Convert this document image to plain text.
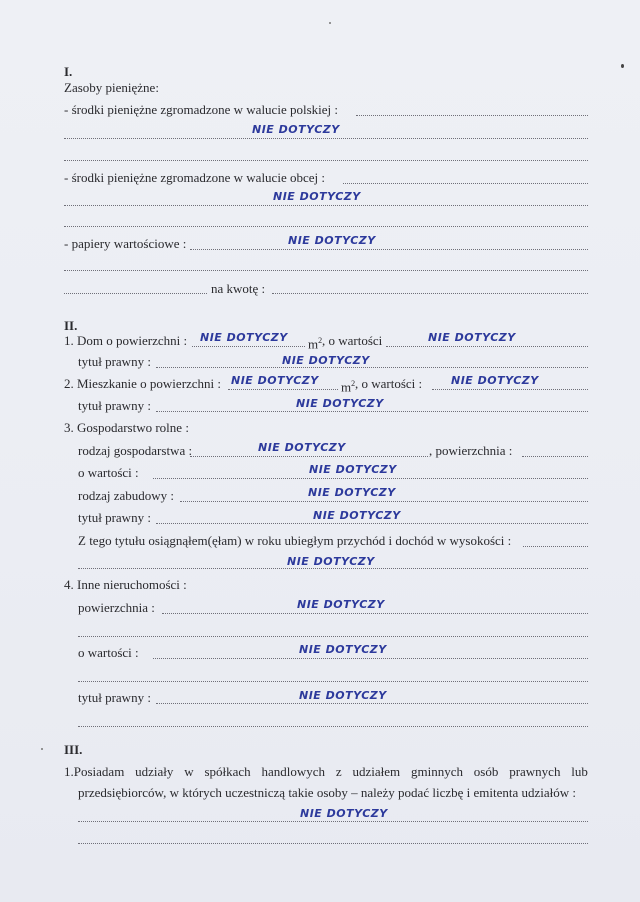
I.
Zasoby pieniężne:
- środki pieniężne zgromadzone w walucie polskiej :
NIE DOTYCZY
- środki pieniężne zgromadzone w walucie obcej :
NIE DOTYCZY
- papiery wartościowe :	NIE DOTYCZY
na kwotę :
II.
1. Dom o powierzchni : NIE DOTYCZY $m^2$ , o wartości	NIE DOTYCZY
tytuł prawny :	NIE DOTYCZY
2. Mieszkanie o powierzchni : NIE DOTYCZY $m^2$ , o wartości :	NIE DOTYCZY
tytuł prawny :	NIE DOTYCZY
3. Gospodarstwo rolne :
rodzaj gospodarstwa :	NIE DOTYCZY	, powierzchnia :
o wartości :	NIE DOTYCZY
rodzaj zabudowy :	NIE DOTYCZY
tytuł prawny :	NIE DOTYCZY
Z tego tytułu osiągnąłem(ęłam) w roku ubiegłym przychód i dochód w wysokości :
NIE DOTYCZY
4. Inne nieruchomości :
powierzchnia :	NIE DOTYCZY
o wartości :	NIE DOTYCZY
tytuł prawny :	NIE DOTYCZY
III.
1.Posiadam udziały w spółkach handlowych z udziałem gminnych osób prawnych lub
przedsiębiorców, w których uczestniczą takie osoby – należy podać liczbę i emitenta udziałów :
NIE DOTYCZY
